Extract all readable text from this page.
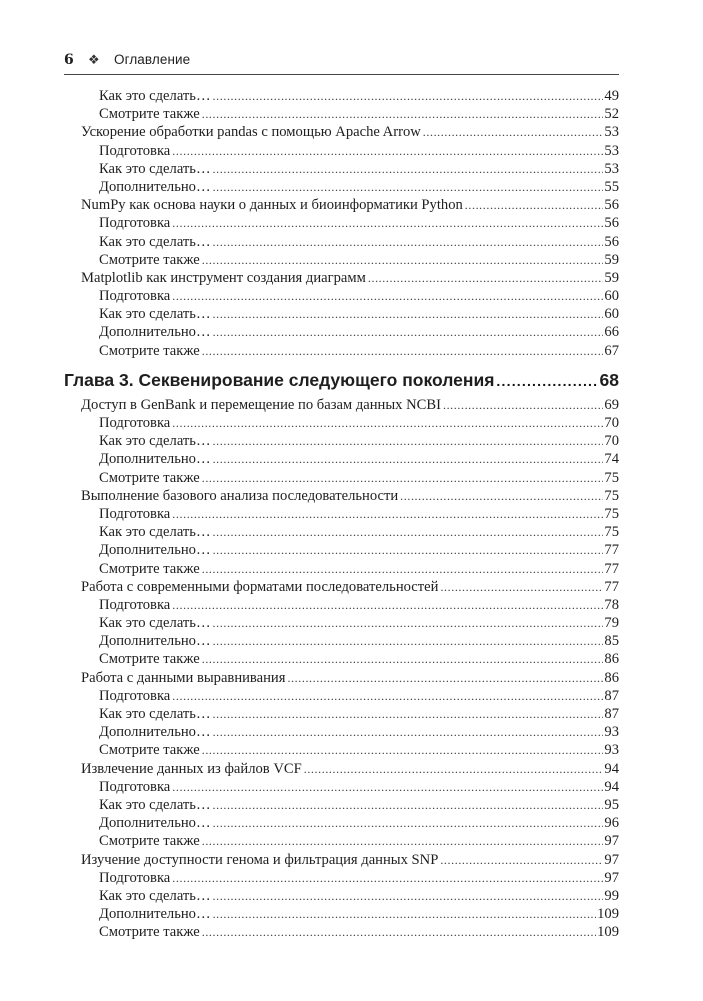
6	❖	Оглавление
Как это сделать… .....	49
Смотрите также .....	52
Ускорение обработки pandas с помощью Apache Arrow .....	53
Подготовка .....	53
Как это сделать… .....	53
Дополнительно… .....	55
NumPy как основа науки о данных и биоинформатики Python .....	56
Подготовка .....	56
Как это сделать… .....	56
Смотрите также .....	59
Matplotlib как инструмент создания диаграмм .....	59
Подготовка .....	60
Как это сделать… .....	60
Дополнительно… .....	66
Смотрите также .....	67
Глава 3. Секвенирование следующего поколения .....	68
Доступ в GenBank и перемещение по базам данных NCBI .....	69
Подготовка .....	70
Как это сделать… .....	70
Дополнительно… .....	74
Смотрите также .....	75
Выполнение базового анализа последовательности .....	75
Подготовка .....	75
Как это сделать… .....	75
Дополнительно… .....	77
Смотрите также .....	77
Работа с современными форматами последовательностей .....	77
Подготовка .....	78
Как это сделать… .....	79
Дополнительно… .....	85
Смотрите также .....	86
Работа с данными выравнивания .....	86
Подготовка .....	87
Как это сделать… .....	87
Дополнительно… .....	93
Смотрите также .....	93
Извлечение данных из файлов VCF .....	94
Подготовка .....	94
Как это сделать… .....	95
Дополнительно… .....	96
Смотрите также .....	97
Изучение доступности генома и фильтрация данных SNP .....	97
Подготовка .....	97
Как это сделать… .....	99
Дополнительно… .....	109
Смотрите также .....	109
